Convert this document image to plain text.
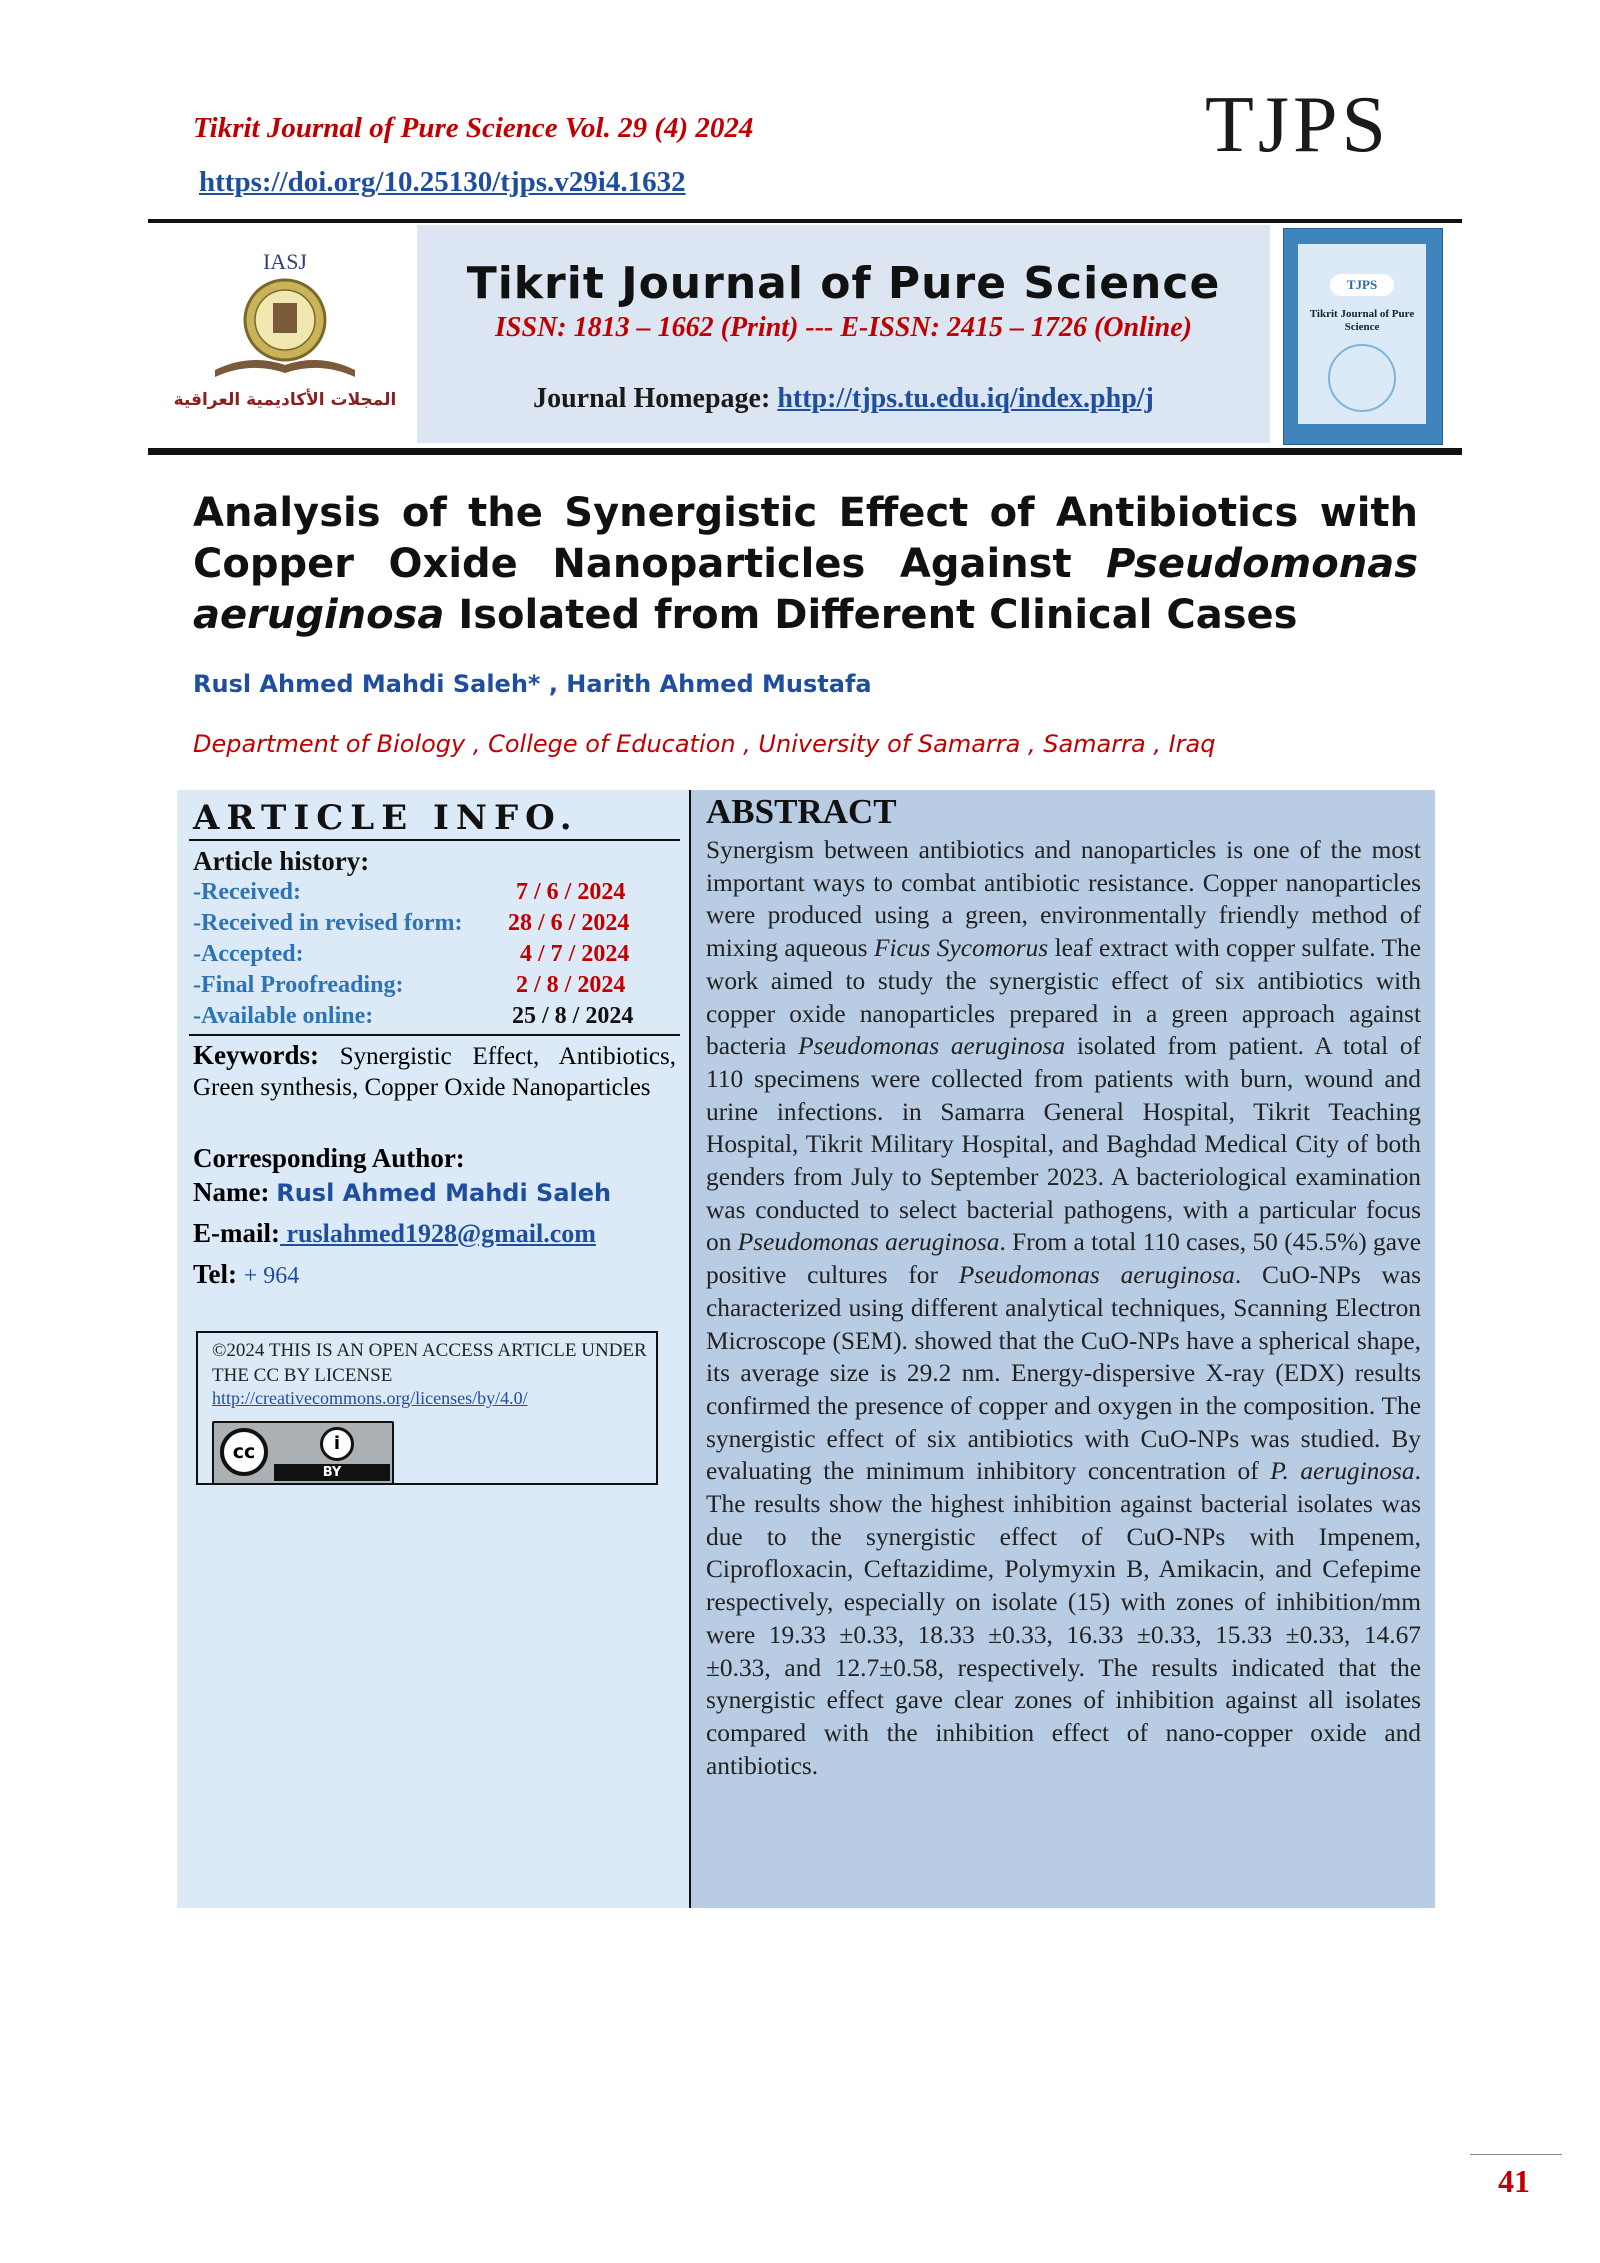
Tikrit Journal of Pure Science Vol. 29 (4) 2024
https://doi.org/10.25130/tjps.v29i4.1632
TJPS
IASJ
المجلات الأكاديمية العراقية
Tikrit Journal of Pure Science
ISSN: 1813 – 1662 (Print) --- E-ISSN: 2415 – 1726 (Online)
Journal Homepage: http://tjps.tu.edu.iq/index.php/j
TJPS
Tikrit Journal of Pure Science
Analysis of the Synergistic Effect of Antibiotics with Copper Oxide Nanoparticles Against Pseudomonas aeruginosa Isolated from Different Clinical Cases
Rusl Ahmed Mahdi Saleh* , Harith Ahmed Mustafa
Department of Biology , College of Education , University of Samarra , Samarra , Iraq
ARTICLE INFO.
Article history:
-Received:	7 / 6 / 2024
-Received in revised form: 28 / 6 / 2024
-Accepted:	4 / 7 / 2024
-Final Proofreading:	2 / 8 / 2024
-Available online:	25 / 8 / 2024
Keywords: Synergistic Effect, Antibiotics, Green synthesis, Copper Oxide Nanoparticles
Corresponding Author:
Name: Rusl Ahmed Mahdi Saleh
E-mail: ruslahmed1928@gmail.com
Tel: + 964
©2024 THIS IS AN OPEN ACCESS ARTICLE UNDER THE CC BY LICENSE
http://creativecommons.org/licenses/by/4.0/
cc	i
BY
ABSTRACT
Synergism between antibiotics and nanoparticles is one of the most important ways to combat antibiotic resistance. Copper nanoparticles were produced using a green, environmentally friendly method of mixing aqueous Ficus Sycomorus leaf extract with copper sulfate. The work aimed to study the synergistic effect of six antibiotics with copper oxide nanoparticles prepared in a green approach against bacteria Pseudomonas aeruginosa isolated from patient. A total of 110 specimens were collected from patients with burn, wound and urine infections. in Samarra General Hospital, Tikrit Teaching Hospital, Tikrit Military Hospital, and Baghdad Medical City of both genders from July to September 2023. A bacteriological examination was conducted to select bacterial pathogens, with a particular focus on Pseudomonas aeruginosa. From a total 110 cases, 50 (45.5%) gave positive cultures for Pseudomonas aeruginosa. CuO-NPs was characterized using different analytical techniques, Scanning Electron Microscope (SEM). showed that the CuO-NPs have a spherical shape, its average size is 29.2 nm. Energy-dispersive X-ray (EDX) results confirmed the presence of copper and oxygen in the composition. The synergistic effect of six antibiotics with CuO-NPs was studied. By evaluating the minimum inhibitory concentration of P. aeruginosa. The results show the highest inhibition against bacterial isolates was due to the synergistic effect of CuO-NPs with Impenem, Ciprofloxacin, Ceftazidime, Polymyxin B, Amikacin, and Cefepime respectively, especially on isolate (15) with zones of inhibition/mm were 19.33 ±0.33, 18.33 ±0.33, 16.33 ±0.33, 15.33 ±0.33, 14.67 ±0.33, and 12.7±0.58, respectively. The results indicated that the synergistic effect gave clear zones of inhibition against all isolates compared with the inhibition effect of nano-copper oxide and antibiotics.
41
